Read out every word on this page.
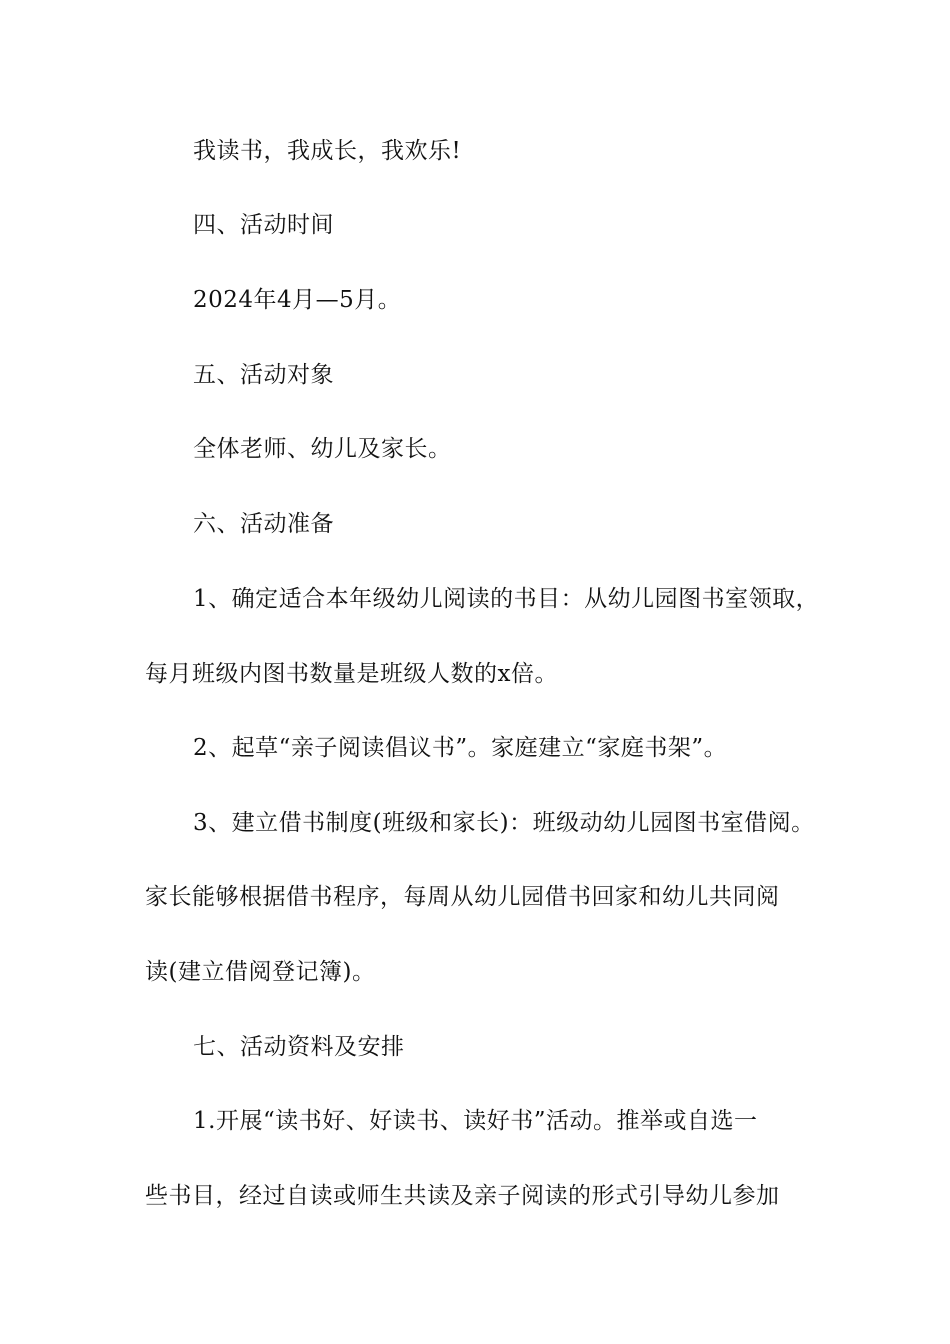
我读书，我成长，我欢乐!
四、活动时间
2024年4月—5月。
五、活动对象
全体老师、幼儿及家长。
六、活动准备
1、确定适合本年级幼儿阅读的书目：从幼儿园图书室领取，
每月班级内图书数量是班级人数的x倍。
2、起草“亲子阅读倡议书”。家庭建立“家庭书架”。
3、建立借书制度(班级和家长)：班级动幼儿园图书室借阅。
家长能够根据借书程序，每周从幼儿园借书回家和幼儿共同阅
读(建立借阅登记簿)。
七、活动资料及安排
1.开展“读书好、好读书、读好书”活动。推举或自选一
些书目，经过自读或师生共读及亲子阅读的形式引导幼儿参加
